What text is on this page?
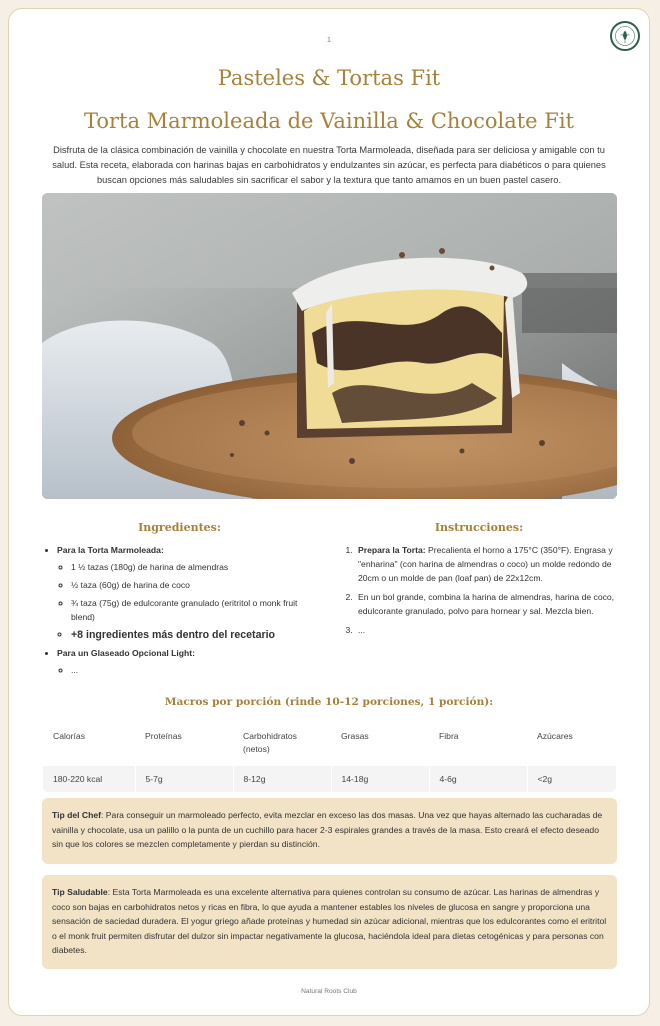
1
Pasteles & Tortas Fit
Torta Marmoleada de Vainilla & Chocolate Fit
Disfruta de la clásica combinación de vainilla y chocolate en nuestra Torta Marmoleada, diseñada para ser deliciosa y amigable con tu salud. Esta receta, elaborada con harinas bajas en carbohidratos y endulzantes sin azúcar, es perfecta para diabéticos o para quienes buscan opciones más saludables sin sacrificar el sabor y la textura que tanto amamos en un buen pastel casero.
Ingredientes:	Instrucciones:
• Para la Torta Marmoleada:
◦ 1 ½ tazas (180g) de harina de almendras
◦ ½ taza (60g) de harina de coco
◦ ¾ taza (75g) de edulcorante granulado (eritritol o monk fruit blend)
◦ +8 ingredientes más dentro del recetario
• Para un Glaseado Opcional Light:
◦ ...
1. Prepara la Torta: Precalienta el horno a 175°C (350°F). Engrasa y "enharina" (con harina de almendras o coco) un molde redondo de 20cm o un molde de pan (loaf pan) de 22x12cm.
2. En un bol grande, combina la harina de almendras, harina de coco, edulcorante granulado, polvo para hornear y sal. Mezcla bien.
3. ...
Macros por porción (rinde 10-12 porciones, 1 porción):
Calorías	Proteínas	Carbohidratos (netos)	Grasas	Fibra	Azúcares
180-220 kcal	5-7g	8-12g	14-18g	4-6g	<2g
Tip del Chef: Para conseguir un marmoleado perfecto, evita mezclar en exceso las dos masas. Una vez que hayas alternado las cucharadas de vainilla y chocolate, usa un palillo o la punta de un cuchillo para hacer 2-3 espirales grandes a través de la masa. Esto creará el efecto deseado sin que los colores se mezclen completamente y pierdan su distinción.
Tip Saludable: Esta Torta Marmoleada es una excelente alternativa para quienes controlan su consumo de azúcar. Las harinas de almendras y coco son bajas en carbohidratos netos y ricas en fibra, lo que ayuda a mantener estables los niveles de glucosa en sangre y proporciona una sensación de saciedad duradera. El yogur griego añade proteínas y humedad sin azúcar adicional, mientras que los edulcorantes como el eritritol o el monk fruit permiten disfrutar del dulzor sin impactar negativamente la glucosa, haciéndola ideal para dietas cetogénicas y para personas con diabetes.
Natural Roots Club
